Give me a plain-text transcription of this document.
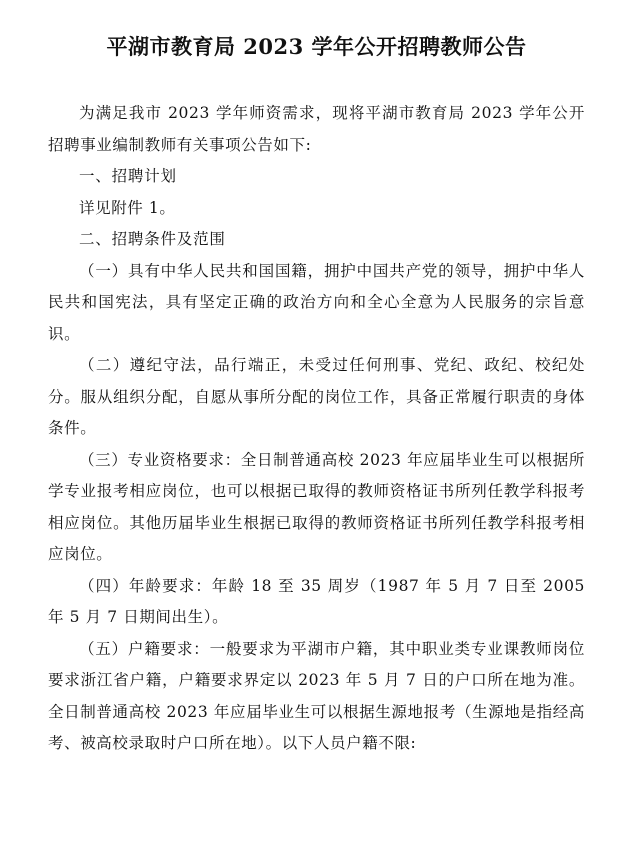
平湖市教育局 2023 学年公开招聘教师公告

为满足我市 2023 学年师资需求，现将平湖市教育局 2023 学年公开招聘事业编制教师有关事项公告如下:

一、招聘计划

详见附件 1。

二、招聘条件及范围

（一）具有中华人民共和国国籍，拥护中国共产党的领导，拥护中华人民共和国宪法，具有坚定正确的政治方向和全心全意为人民服务的宗旨意识。

（二）遵纪守法，品行端正，未受过任何刑事、党纪、政纪、校纪处分。服从组织分配，自愿从事所分配的岗位工作，具备正常履行职责的身体条件。

（三）专业资格要求：全日制普通高校 2023 年应届毕业生可以根据所学专业报考相应岗位，也可以根据已取得的教师资格证书所列任教学科报考相应岗位。其他历届毕业生根据已取得的教师资格证书所列任教学科报考相应岗位。

（四）年龄要求：年龄 18 至 35 周岁（1987 年 5 月 7 日至 2005 年 5 月 7 日期间出生）。

（五）户籍要求：一般要求为平湖市户籍，其中职业类专业课教师岗位要求浙江省户籍，户籍要求界定以 2023 年 5 月 7 日的户口所在地为准。全日制普通高校 2023 年应届毕业生可以根据生源地报考（生源地是指经高考、被高校录取时户口所在地）。以下人员户籍不限:
